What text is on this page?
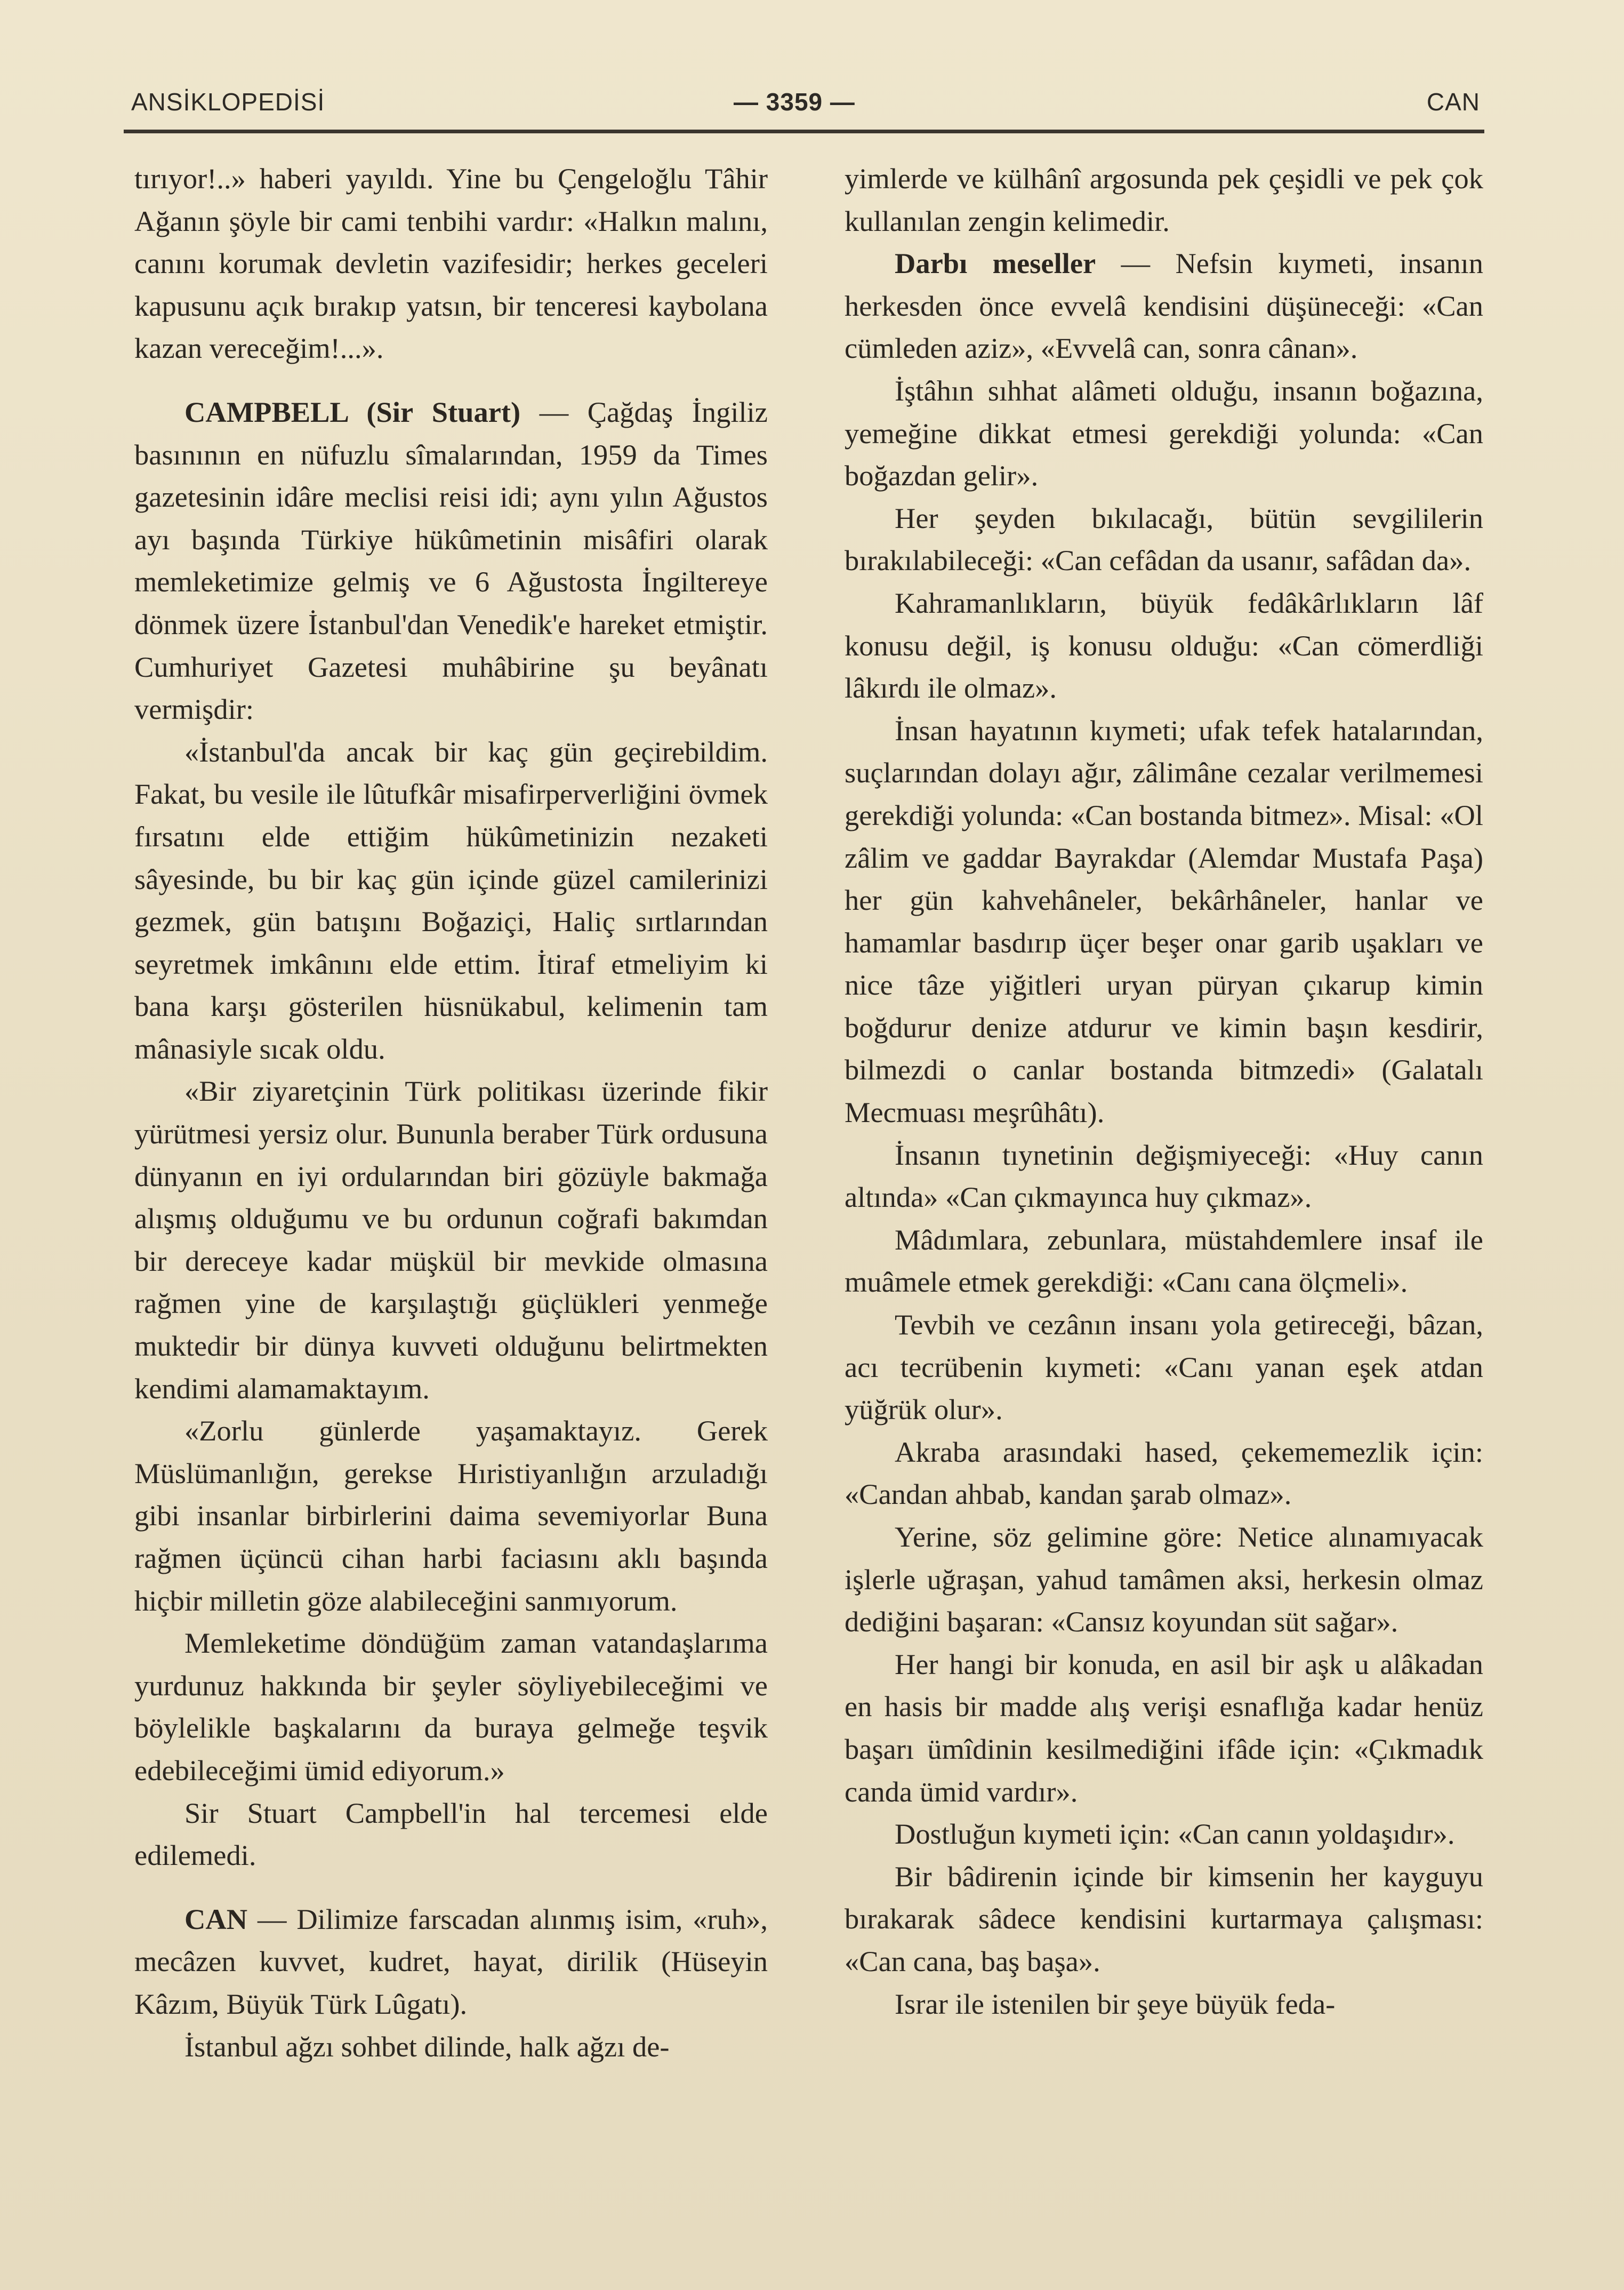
ANSİKLOPEDİSİ	— 3359 —	CAN

tırıyor!..» haberi yayıldı. Yine bu Çengeloğlu Tâhir Ağanın şöyle bir cami tenbihi vardır: «Halkın malını, canını korumak devletin vazifesidir; herkes geceleri kapusunu açık bırakıp yatsın, bir tenceresi kaybolana kazan vereceğim!...».

CAMPBELL (Sir Stuart) — Çağdaş İngiliz basınının en nüfuzlu sîmalarından, 1959 da Times gazetesinin idâre meclisi reisi idi; aynı yılın Ağustos ayı başında Türkiye hükûmetinin misâfiri olarak memleketimize gelmiş ve 6 Ağustosta İngiltereye dönmek üzere İstanbul'dan Venedik'e hareket etmiştir. Cumhuriyet Gazetesi muhâbirine şu beyânatı vermişdir:

«İstanbul'da ancak bir kaç gün geçirebildim. Fakat, bu vesile ile lûtufkâr misafirperverliğini övmek fırsatını elde ettiğim hükûmetinizin nezaketi sâyesinde, bu bir kaç gün içinde güzel camilerinizi gezmek, gün batışını Boğaziçi, Haliç sırtlarından seyretmek imkânını elde ettim. İtiraf etmeliyim ki bana karşı gösterilen hüsnükabul, kelimenin tam mânasiyle sıcak oldu.

«Bir ziyaretçinin Türk politikası üzerinde fikir yürütmesi yersiz olur. Bununla beraber Türk ordusuna dünyanın en iyi ordularından biri gözüyle bakmağa alışmış olduğumu ve bu ordunun coğrafi bakımdan bir dereceye kadar müşkül bir mevkide olmasına rağmen yine de karşılaştığı güçlükleri yenmeğe muktedir bir dünya kuvveti olduğunu belirtmekten kendimi alamamaktayım.

«Zorlu günlerde yaşamaktayız. Gerek Müslümanlığın, gerekse Hıristiyanlığın arzuladığı gibi insanlar birbirlerini daima sevemiyorlar Buna rağmen üçüncü cihan harbi faciasını aklı başında hiçbir milletin göze alabileceğini sanmıyorum.

Memleketime döndüğüm zaman vatandaşlarıma yurdunuz hakkında bir şeyler söyliyebileceğimi ve böylelikle başkalarını da buraya gelmeğe teşvik edebileceğimi ümid ediyorum.»

Sir Stuart Campbell'in hal tercemesi elde edilemedi.

CAN — Dilimize farscadan alınmış isim, «ruh», mecâzen kuvvet, kudret, hayat, dirilik (Hüseyin Kâzım, Büyük Türk Lûgatı).

İstanbul ağzı sohbet dilinde, halk ağzı de-

yimlerde ve külhânî argosunda pek çeşidli ve pek çok kullanılan zengin kelimedir.

Darbı meseller — Nefsin kıymeti, insanın herkesden önce evvelâ kendisini düşüneceği: «Can cümleden aziz», «Evvelâ can, sonra cânan».

İştâhın sıhhat alâmeti olduğu, insanın boğazına, yemeğine dikkat etmesi gerekdiği yolunda: «Can boğazdan gelir».

Her şeyden bıkılacağı, bütün sevgililerin bırakılabileceği: «Can cefâdan da usanır, safâdan da».

Kahramanlıkların, büyük fedâkârlıkların lâf konusu değil, iş konusu olduğu: «Can cömerdliği lâkırdı ile olmaz».

İnsan hayatının kıymeti; ufak tefek hatalarından, suçlarından dolayı ağır, zâlimâne cezalar verilmemesi gerekdiği yolunda: «Can bostanda bitmez». Misal: «Ol zâlim ve gaddar Bayrakdar (Alemdar Mustafa Paşa) her gün kahvehâneler, bekârhâneler, hanlar ve hamamlar basdırıp üçer beşer onar garib uşakları ve nice tâze yiğitleri uryan püryan çıkarup kimin boğdurur denize atdurur ve kimin başın kesdirir, bilmezdi o canlar bostanda bitmzedi» (Galatalı Mecmuası meşrûhâtı).

İnsanın tıynetinin değişmiyeceği: «Huy canın altında» «Can çıkmayınca huy çıkmaz».

Mâdımlara, zebunlara, müstahdemlere insaf ile muâmele etmek gerekdiği: «Canı cana ölçmeli».

Tevbih ve cezânın insanı yola getireceği, bâzan, acı tecrübenin kıymeti: «Canı yanan eşek atdan yüğrük olur».

Akraba arasındaki hased, çekememezlik için: «Candan ahbab, kandan şarab olmaz».

Yerine, söz gelimine göre: Netice alınamıyacak işlerle uğraşan, yahud tamâmen aksi, herkesin olmaz dediğini başaran: «Cansız koyundan süt sağar».

Her hangi bir konuda, en asil bir aşk u alâkadan en hasis bir madde alış verişi esnaflığa kadar henüz başarı ümîdinin kesilmediğini ifâde için: «Çıkmadık canda ümid vardır».

Dostluğun kıymeti için: «Can canın yoldaşıdır».

Bir bâdirenin içinde bir kimsenin her kayguyu bırakarak sâdece kendisini kurtarmaya çalışması: «Can cana, baş başa».

Israr ile istenilen bir şeye büyük feda-
